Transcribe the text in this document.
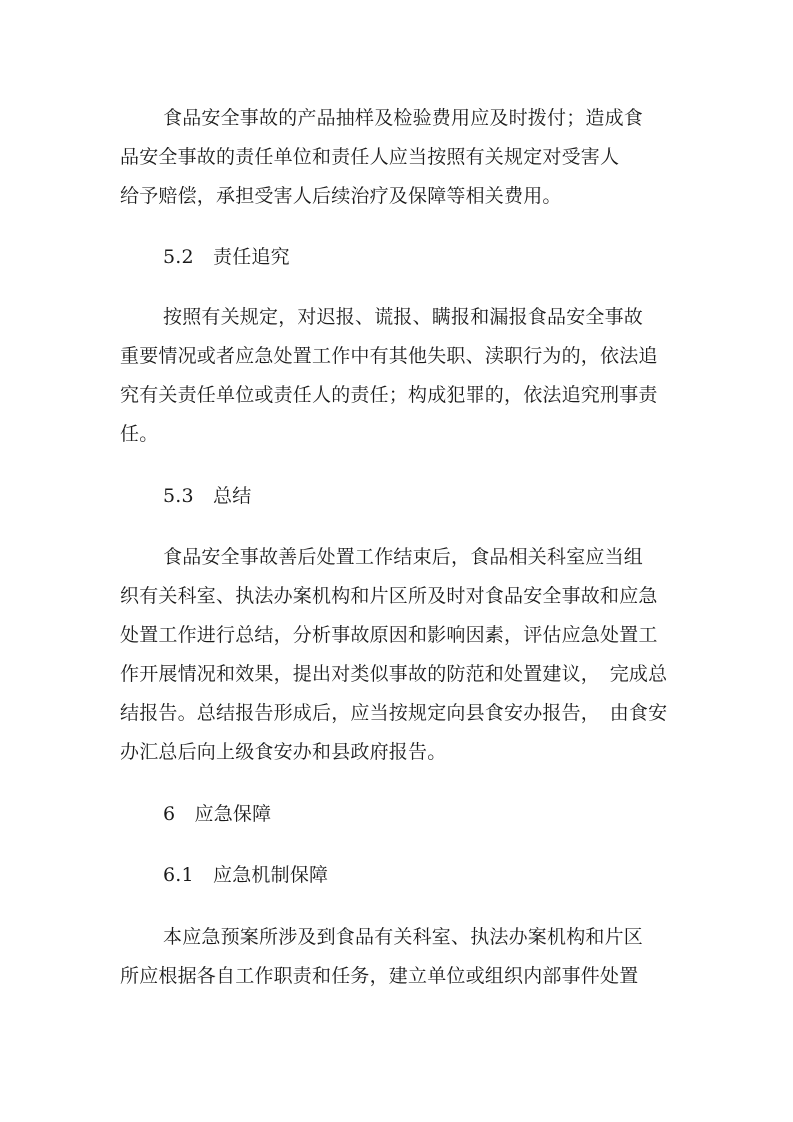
食品安全事故的产品抽样及检验费用应及时拨付；造成食
品安全事故的责任单位和责任人应当按照有关规定对受害人
给予赔偿，承担受害人后续治疗及保障等相关费用。
5.2　责任追究
按照有关规定，对迟报、谎报、瞒报和漏报食品安全事故
重要情况或者应急处置工作中有其他失职、渎职行为的，依法追
究有关责任单位或责任人的责任；构成犯罪的，依法追究刑事责
任。
5.3　总结
食品安全事故善后处置工作结束后，食品相关科室应当组
织有关科室、执法办案机构和片区所及时对食品安全事故和应急
处置工作进行总结，分析事故原因和影响因素，评估应急处置工
作开展情况和效果，提出对类似事故的防范和处置建议，　完成总
结报告。总结报告形成后，应当按规定向县食安办报告，　由食安
办汇总后向上级食安办和县政府报告。
6　应急保障
6.1　应急机制保障
本应急预案所涉及到食品有关科室、执法办案机构和片区
所应根据各自工作职责和任务，建立单位或组织内部事件处置
